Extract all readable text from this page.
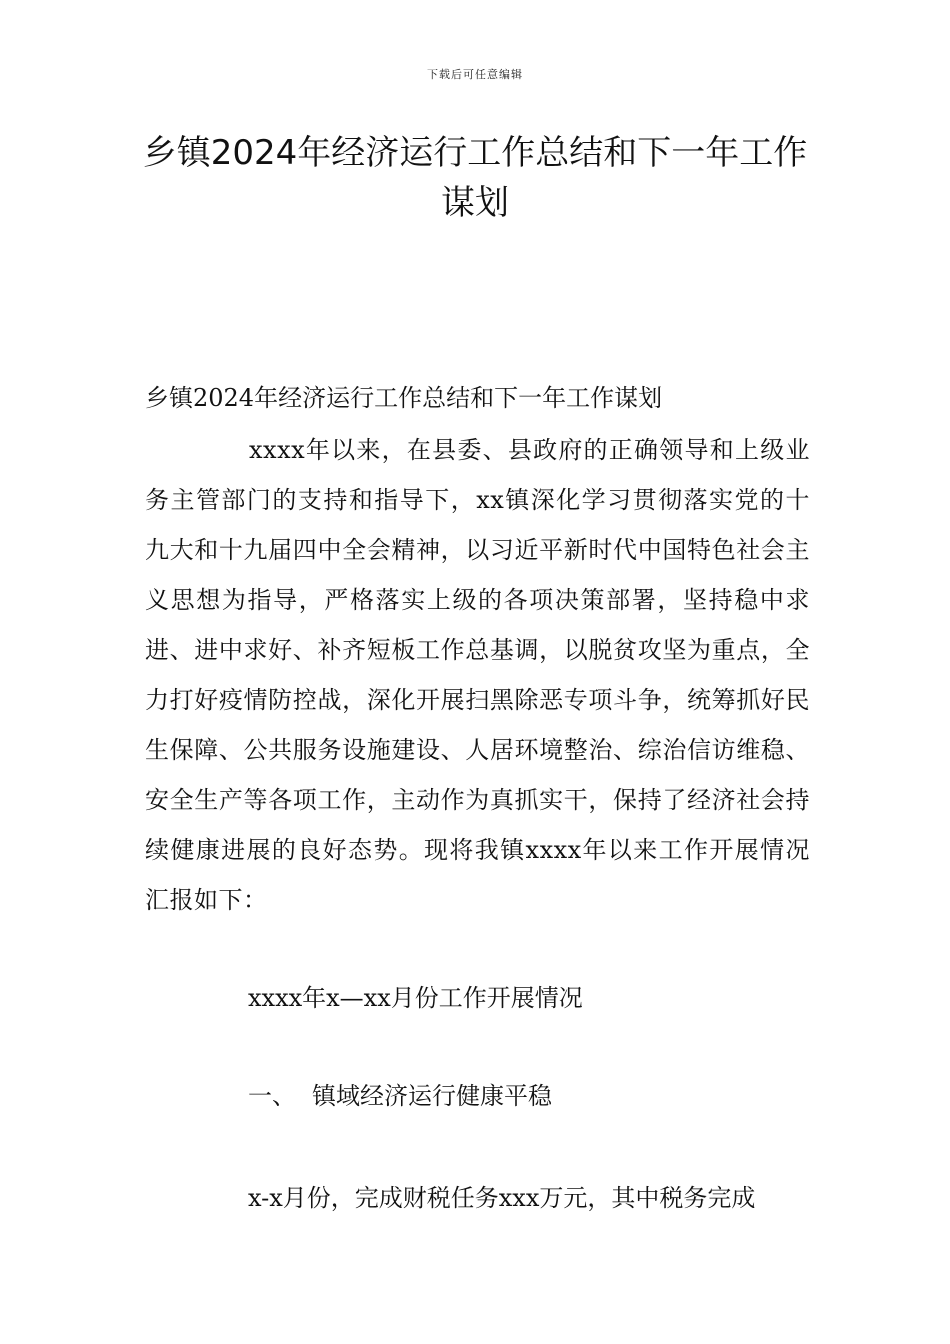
下载后可任意编辑
乡镇2024年经济运行工作总结和下一年工作谋划

乡镇2024年经济运行工作总结和下一年工作谋划

xxxx年以来，在县委、县政府的正确领导和上级业务主管部门的支持和指导下，xx镇深化学习贯彻落实党的十九大和十九届四中全会精神，以习近平新时代中国特色社会主义思想为指导，严格落实上级的各项决策部署，坚持稳中求进、进中求好、补齐短板工作总基调，以脱贫攻坚为重点，全力打好疫情防控战，深化开展扫黑除恶专项斗争，统筹抓好民生保障、公共服务设施建设、人居环境整治、综治信访维稳、安全生产等各项工作，主动作为真抓实干，保持了经济社会持续健康进展的良好态势。现将我镇xxxx年以来工作开展情况汇报如下：

xxxx年x—xx月份工作开展情况

一、 镇域经济运行健康平稳

x-x月份，完成财税任务xxx万元，其中税务完成
